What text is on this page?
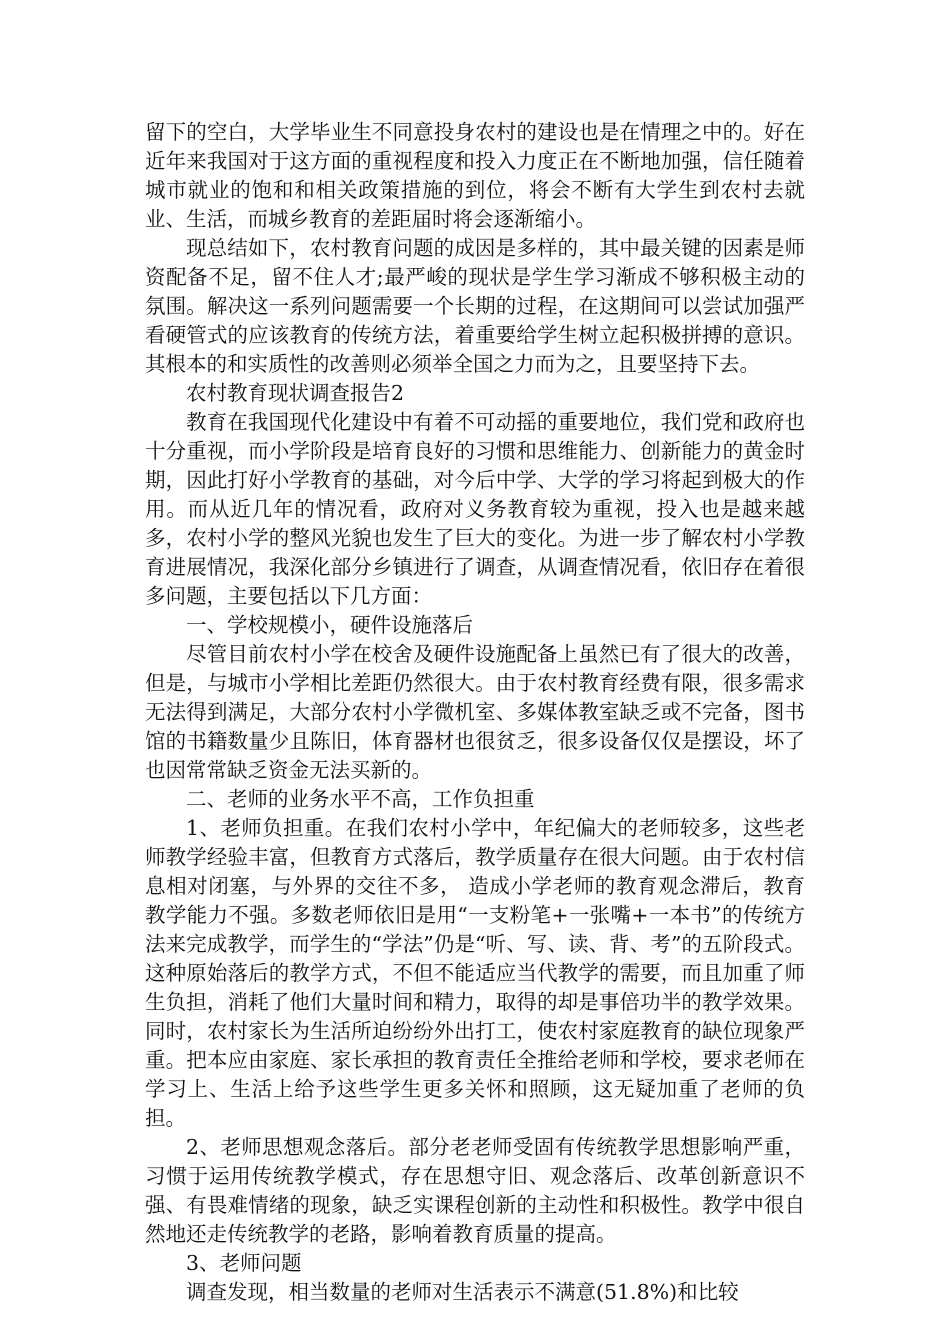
留下的空白，大学毕业生不同意投身农村的建设也是在情理之中的。好在近年来我国对于这方面的重视程度和投入力度正在不断地加强，信任随着城市就业的饱和和相关政策措施的到位，将会不断有大学生到农村去就业、生活，而城乡教育的差距届时将会逐渐缩小。

现总结如下，农村教育问题的成因是多样的，其中最关键的因素是师资配备不足，留不住人才;最严峻的现状是学生学习渐成不够积极主动的氛围。解决这一系列问题需要一个长期的过程，在这期间可以尝试加强严看硬管式的应该教育的传统方法，着重要给学生树立起积极拼搏的意识。其根本的和实质性的改善则必须举全国之力而为之，且要坚持下去。

农村教育现状调查报告2

教育在我国现代化建设中有着不可动摇的重要地位，我们党和政府也十分重视，而小学阶段是培育良好的习惯和思维能力、创新能力的黄金时期，因此打好小学教育的基础，对今后中学、大学的学习将起到极大的作用。而从近几年的情况看，政府对义务教育较为重视，投入也是越来越多，农村小学的整风光貌也发生了巨大的变化。为进一步了解农村小学教育进展情况，我深化部分乡镇进行了调查，从调查情况看，依旧存在着很多问题，主要包括以下几方面：

一、学校规模小，硬件设施落后

尽管目前农村小学在校舍及硬件设施配备上虽然已有了很大的改善，但是，与城市小学相比差距仍然很大。由于农村教育经费有限，很多需求无法得到满足，大部分农村小学微机室、多媒体教室缺乏或不完备，图书馆的书籍数量少且陈旧，体育器材也很贫乏，很多设备仅仅是摆设，坏了也因常常缺乏资金无法买新的。

二、老师的业务水平不高，工作负担重

1、老师负担重。在我们农村小学中，年纪偏大的老师较多，这些老师教学经验丰富，但教育方式落后，教学质量存在很大问题。由于农村信息相对闭塞，与外界的交往不多， 造成小学老师的教育观念滞后，教育教学能力不强。多数老师依旧是用“一支粉笔+一张嘴+一本书”的传统方法来完成教学，而学生的“学法”仍是“听、写、读、背、考”的五阶段式。这种原始落后的教学方式，不但不能适应当代教学的需要，而且加重了师生负担，消耗了他们大量时间和精力，取得的却是事倍功半的教学效果。同时，农村家长为生活所迫纷纷外出打工，使农村家庭教育的缺位现象严重。把本应由家庭、家长承担的教育责任全推给老师和学校，要求老师在学习上、生活上给予这些学生更多关怀和照顾，这无疑加重了老师的负担。

2、老师思想观念落后。部分老老师受固有传统教学思想影响严重，习惯于运用传统教学模式，存在思想守旧、观念落后、改革创新意识不强、有畏难情绪的现象，缺乏实课程创新的主动性和积极性。教学中很自然地还走传统教学的老路，影响着教育质量的提高。

3、老师问题

调查发现，相当数量的老师对生活表示不满意(51.8%)和比较
